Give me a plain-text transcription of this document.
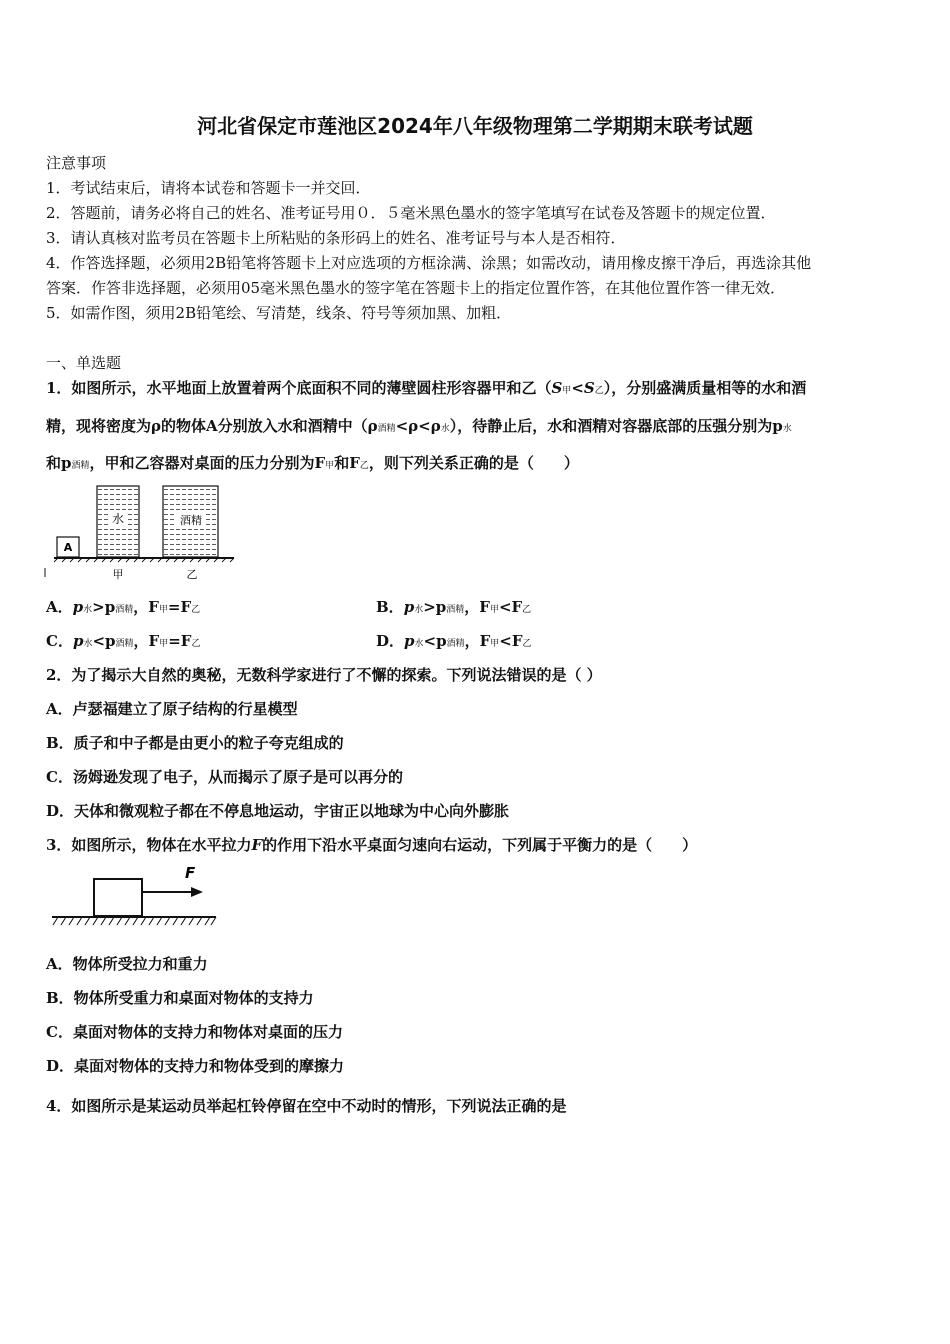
河北省保定市莲池区2024年八年级物理第二学期期末联考试题
注意事项
1．考试结束后，请将本试卷和答题卡一并交回．
2．答题前，请务必将自己的姓名、准考证号用０．５毫米黑色墨水的签字笔填写在试卷及答题卡的规定位置．
3．请认真核对监考员在答题卡上所粘贴的条形码上的姓名、准考证号与本人是否相符．
4．作答选择题，必须用2B铅笔将答题卡上对应选项的方框涂满、涂黑；如需改动，请用橡皮擦干净后，再选涂其他
答案．作答非选择题，必须用05毫米黑色墨水的签字笔在答题卡上的指定位置作答，在其他位置作答一律无效．
5．如需作图，须用2B铅笔绘、写清楚，线条、符号等须加黑、加粗．
一、单选题
1．如图所示，水平地面上放置着两个底面积不同的薄壁圆柱形容器甲和乙（S甲<S乙），分别盛满质量相等的水和酒
精，现将密度为ρ的物体A分别放入水和酒精中（ρ酒精<ρ<ρ水），待静止后，水和酒精对容器底部的压强分别为p水
和p酒精，甲和乙容器对桌面的压力分别为F甲和F乙，则下列关系正确的是（　　）
A
水	酒精
甲	乙
A．p水>p酒精，F甲=F乙	B．p水>p酒精，F甲<F乙
C．p水<p酒精，F甲=F乙	D．p水<p酒精，F甲<F乙
2．为了揭示大自然的奥秘，无数科学家进行了不懈的探索。下列说法错误的是（ ）
A．卢瑟福建立了原子结构的行星模型
B．质子和中子都是由更小的粒子夸克组成的
C．汤姆逊发现了电子，从而揭示了原子是可以再分的
D．天体和微观粒子都在不停息地运动，宇宙正以地球为中心向外膨胀
3．如图所示，物体在水平拉力F的作用下沿水平桌面匀速向右运动，下列属于平衡力的是（　　）
F
A．物体所受拉力和重力
B．物体所受重力和桌面对物体的支持力
C．桌面对物体的支持力和物体对桌面的压力
D．桌面对物体的支持力和物体受到的摩擦力
4．如图所示是某运动员举起杠铃停留在空中不动时的情形，下列说法正确的是
